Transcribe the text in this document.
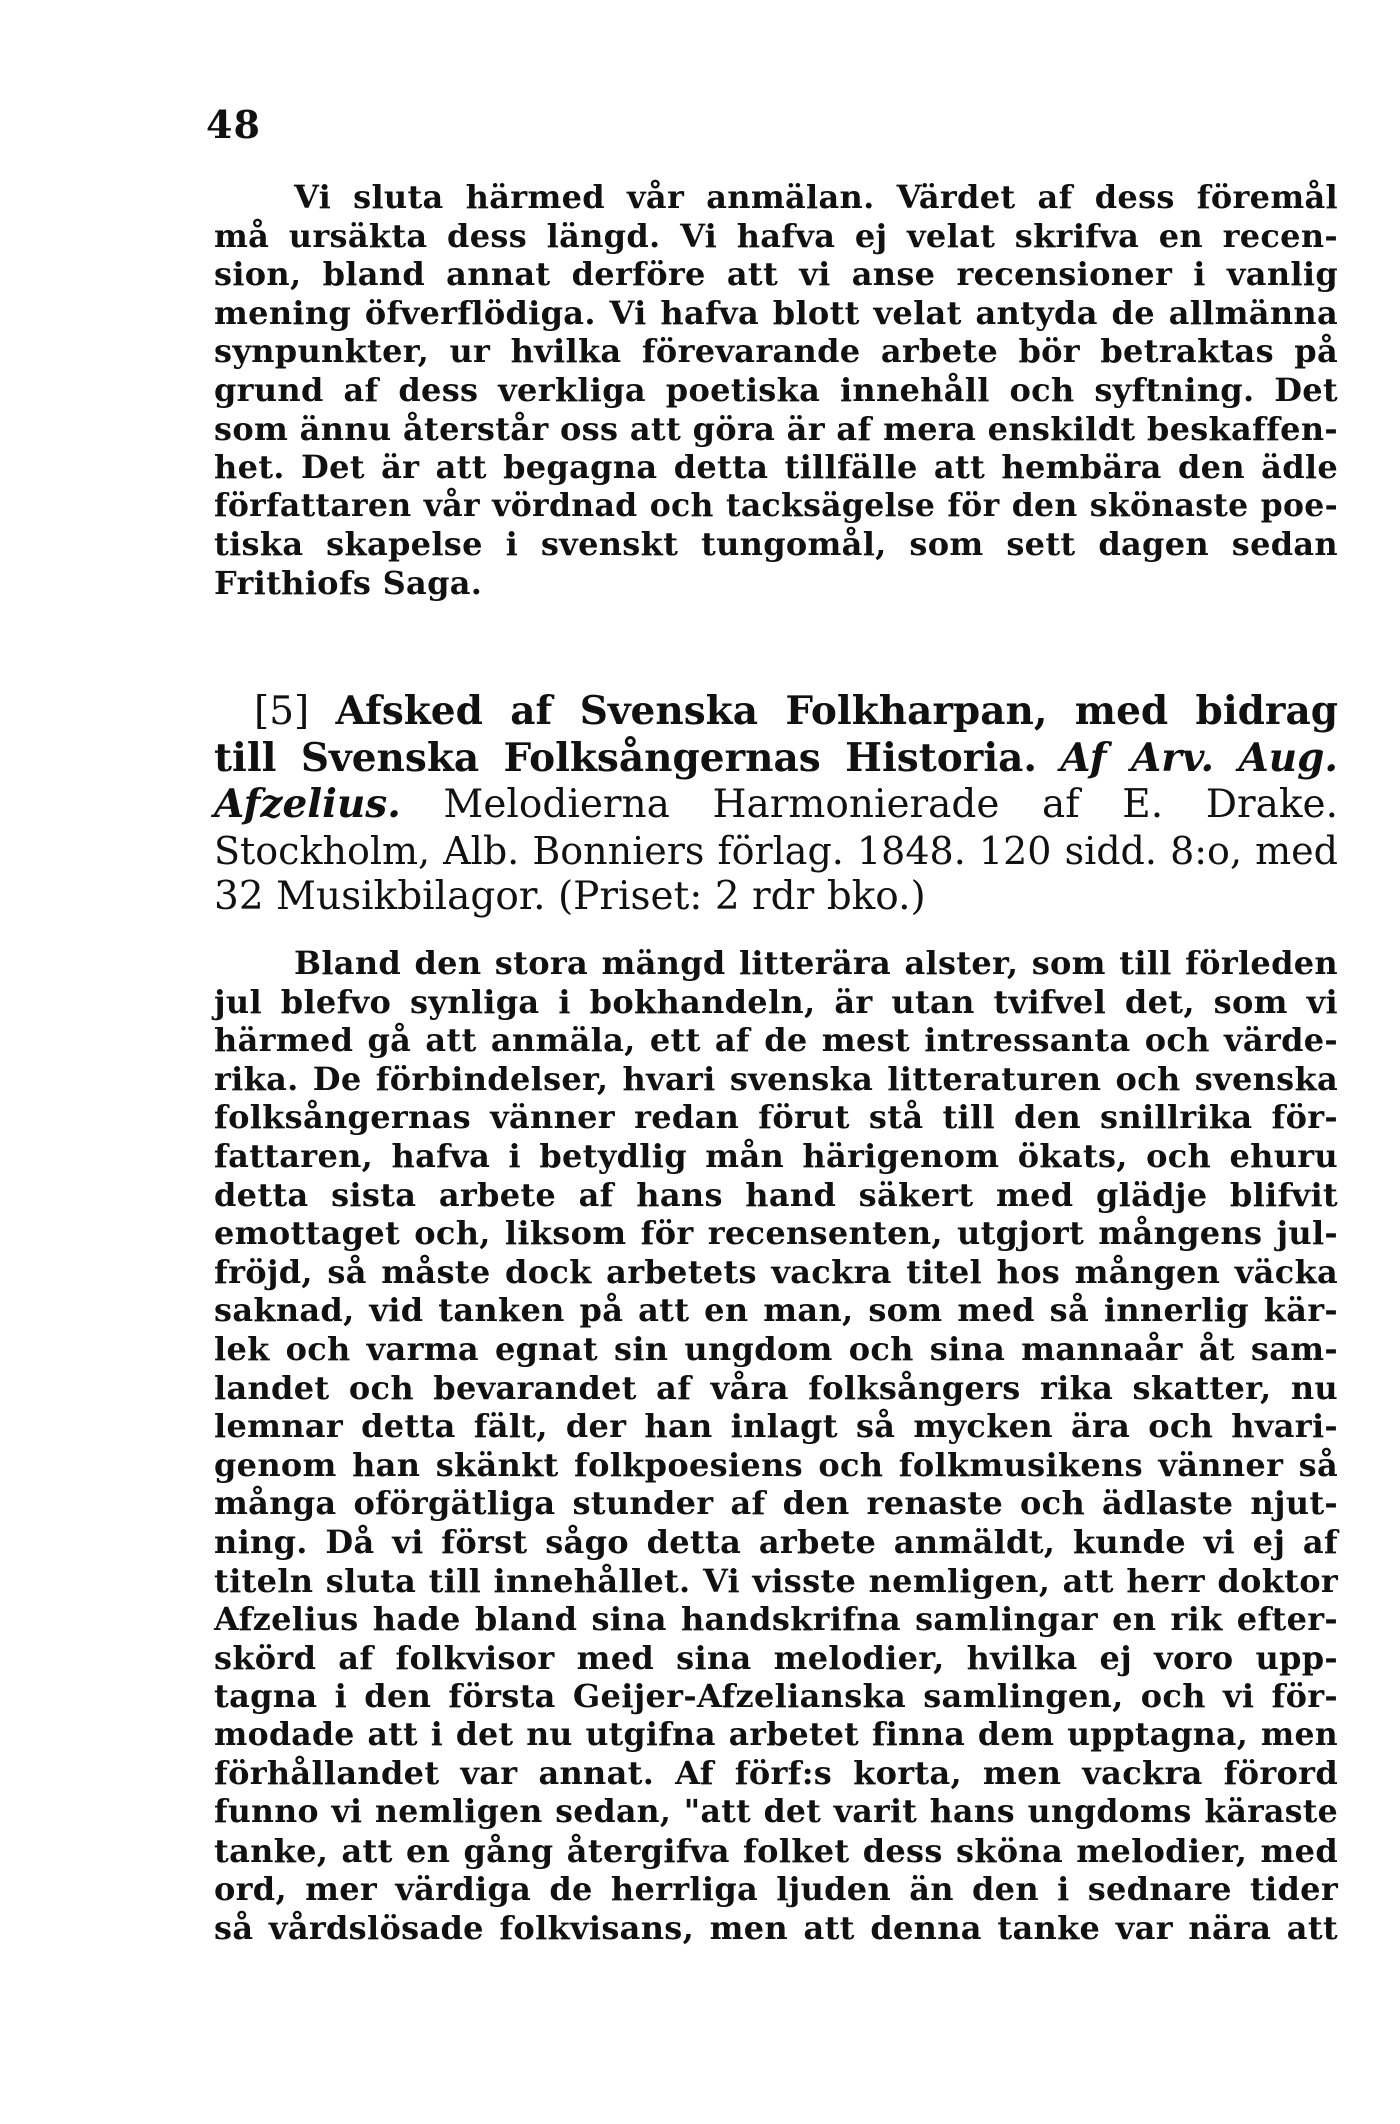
48
Vi sluta härmed vår anmälan. Värdet af dess föremål
må ursäkta dess längd. Vi hafva ej velat skrifva en recen-
sion, bland annat derföre att vi anse recensioner i vanlig
mening öfverflödiga. Vi hafva blott velat antyda de allmänna
synpunkter, ur hvilka förevarande arbete bör betraktas på
grund af dess verkliga poetiska innehåll och syftning. Det
som ännu återstår oss att göra är af mera enskildt beskaffen-
het. Det är att begagna detta tillfälle att hembära den ädle
författaren vår vördnad och tacksägelse för den skönaste poe-
tiska skapelse i svenskt tungomål, som sett dagen sedan
Frithiofs Saga.
[5] Afsked af Svenska Folkharpan, med bidrag
till Svenska Folksångernas Historia. Af Arv. Aug.
Afzelius. Melodierna Harmonierade af E. Drake.
Stockholm, Alb. Bonniers förlag. 1848. 120 sidd. 8:o, med
32 Musikbilagor. (Priset: 2 rdr bko.)
Bland den stora mängd litterära alster, som till förleden
jul blefvo synliga i bokhandeln, är utan tvifvel det, som vi
härmed gå att anmäla, ett af de mest intressanta och värde-
rika. De förbindelser, hvari svenska litteraturen och svenska
folksångernas vänner redan förut stå till den snillrika för-
fattaren, hafva i betydlig mån härigenom ökats, och ehuru
detta sista arbete af hans hand säkert med glädje blifvit
emottaget och, liksom för recensenten, utgjort mångens jul-
fröjd, så måste dock arbetets vackra titel hos mången väcka
saknad, vid tanken på att en man, som med så innerlig kär-
lek och varma egnat sin ungdom och sina mannaår åt sam-
landet och bevarandet af våra folksångers rika skatter, nu
lemnar detta fält, der han inlagt så mycken ära och hvari-
genom han skänkt folkpoesiens och folkmusikens vänner så
många oförgätliga stunder af den renaste och ädlaste njut-
ning. Då vi först sågo detta arbete anmäldt, kunde vi ej af
titeln sluta till innehållet. Vi visste nemligen, att herr doktor
Afzelius hade bland sina handskrifna samlingar en rik efter-
skörd af folkvisor med sina melodier, hvilka ej voro upp-
tagna i den första Geijer-Afzelianska samlingen, och vi för-
modade att i det nu utgifna arbetet finna dem upptagna, men
förhållandet var annat. Af förf:s korta, men vackra förord
funno vi nemligen sedan, "att det varit hans ungdoms käraste
tanke, att en gång återgifva folket dess sköna melodier, med
ord, mer värdiga de herrliga ljuden än den i sednare tider
så vårdslösade folkvisans, men att denna tanke var nära att
